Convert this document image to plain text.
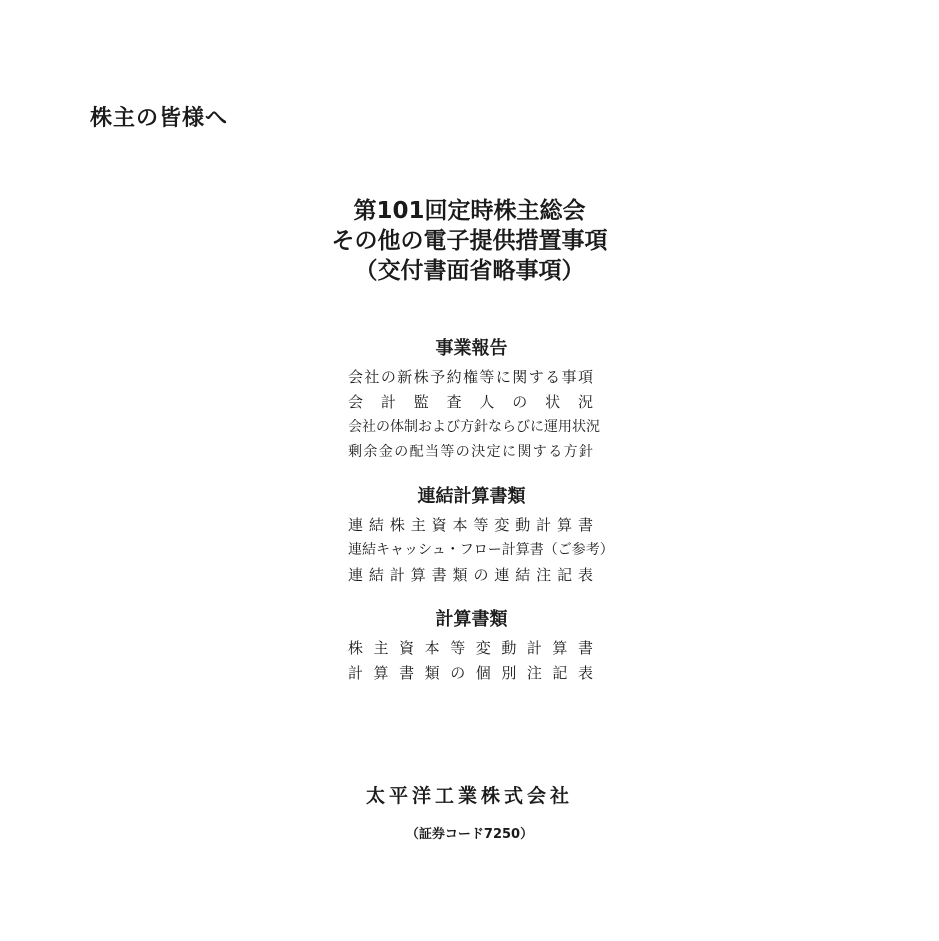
株主の皆様へ

第101回定時株主総会

その他の電子提供措置事項

（交付書面省略事項）

事業報告

会社の新株予約権等に関する事項

会計監査人の状況

会社の体制および方針ならびに運用状況

剰余金の配当等の決定に関する方針

連結計算書類

連結株主資本等変動計算書

連結キャッシュ・フロー計算書（ご参考）

連結計算書類の連結注記表

計算書類

株主資本等変動計算書

計算書類の個別注記表

太平洋工業株式会社

（証券コード7250）
